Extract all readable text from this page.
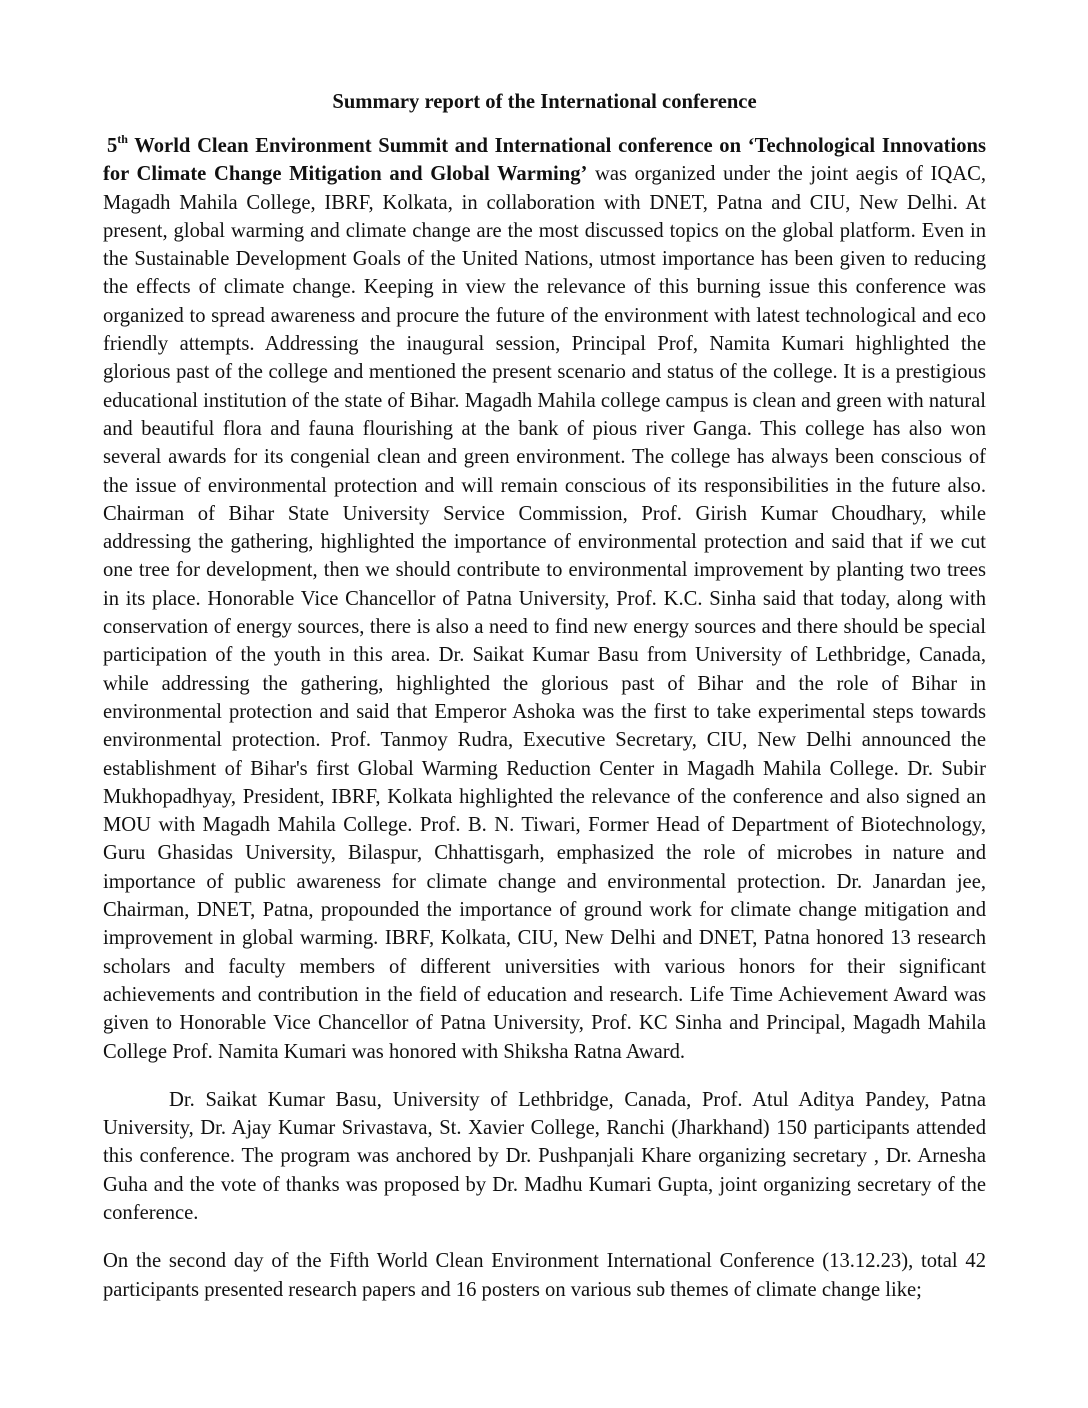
Summary report of the International conference

5th World Clean Environment Summit and International conference on ‘Technological Innovations for Climate Change Mitigation and Global Warming’ was organized under the joint aegis of IQAC, Magadh Mahila College, IBRF, Kolkata, in collaboration with DNET, Patna and CIU, New Delhi. At present, global warming and climate change are the most discussed topics on the global platform. Even in the Sustainable Development Goals of the United Nations, utmost importance has been given to reducing the effects of climate change. Keeping in view the relevance of this burning issue this conference was organized to spread awareness and procure the future of the environment with latest technological and eco friendly attempts. Addressing the inaugural session, Principal Prof, Namita Kumari highlighted the glorious past of the college and mentioned the present scenario and status of the college. It is a prestigious educational institution of the state of Bihar. Magadh Mahila college campus is clean and green with natural and beautiful flora and fauna flourishing at the bank of pious river Ganga. This college has also won several awards for its congenial clean and green environment. The college has always been conscious of the issue of environmental protection and will remain conscious of its responsibilities in the future also. Chairman of Bihar State University Service Commission, Prof. Girish Kumar Choudhary, while addressing the gathering, highlighted the importance of environmental protection and said that if we cut one tree for development, then we should contribute to environmental improvement by planting two trees in its place. Honorable Vice Chancellor of Patna University, Prof. K.C. Sinha said that today, along with conservation of energy sources, there is also a need to find new energy sources and there should be special participation of the youth in this area. Dr. Saikat Kumar Basu from University of Lethbridge, Canada, while addressing the gathering, highlighted the glorious past of Bihar and the role of Bihar in environmental protection and said that Emperor Ashoka was the first to take experimental steps towards environmental protection. Prof. Tanmoy Rudra, Executive Secretary, CIU, New Delhi announced the establishment of Bihar's first Global Warming Reduction Center in Magadh Mahila College. Dr. Subir Mukhopadhyay, President, IBRF, Kolkata highlighted the relevance of the conference and also signed an MOU with Magadh Mahila College. Prof. B. N. Tiwari, Former Head of Department of Biotechnology, Guru Ghasidas University, Bilaspur, Chhattisgarh, emphasized the role of microbes in nature and importance of public awareness for climate change and environmental protection. Dr. Janardan jee, Chairman, DNET, Patna, propounded the importance of ground work for climate change mitigation and improvement in global warming. IBRF, Kolkata, CIU, New Delhi and DNET, Patna honored 13 research scholars and faculty members of different universities with various honors for their significant achievements and contribution in the field of education and research. Life Time Achievement Award was given to Honorable Vice Chancellor of Patna University, Prof. KC Sinha and Principal, Magadh Mahila College Prof. Namita Kumari was honored with Shiksha Ratna Award.

Dr. Saikat Kumar Basu, University of Lethbridge, Canada, Prof. Atul Aditya Pandey, Patna University, Dr. Ajay Kumar Srivastava, St. Xavier College, Ranchi (Jharkhand) 150 participants attended this conference. The program was anchored by Dr. Pushpanjali Khare organizing secretary , Dr. Arnesha Guha and the vote of thanks was proposed by Dr. Madhu Kumari Gupta, joint organizing secretary of the conference.

On the second day of the Fifth World Clean Environment International Conference (13.12.23), total 42 participants presented research papers and 16 posters on various sub themes of climate change like;
